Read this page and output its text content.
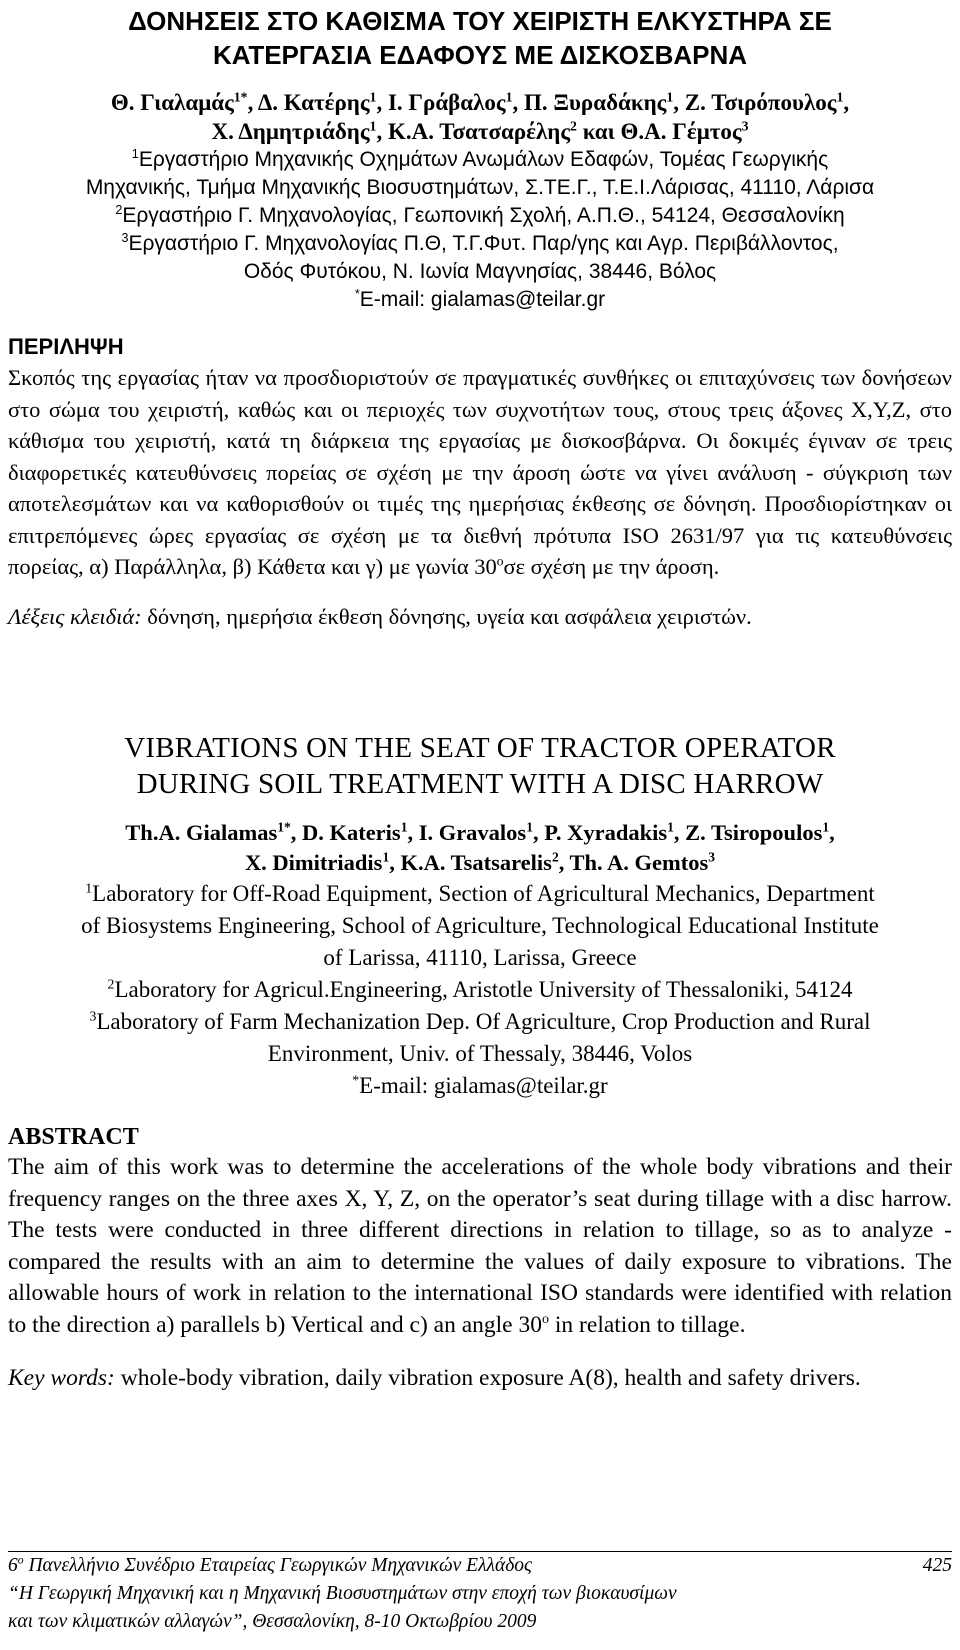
ΔΟΝΗΣΕΙΣ ΣΤΟ ΚΑΘΙΣΜΑ ΤΟΥ ΧΕΙΡΙΣΤΗ ΕΛΚΥΣΤΗΡΑ ΣΕ
ΚΑΤΕΡΓΑΣΙΑ ΕΔΑΦΟΥΣ ΜΕ ΔΙΣΚΟΣΒΑΡΝΑ
Θ. Γιαλαμάς$^{1*}$, Δ. Κατέρης$^1$, Ι. Γράβαλος$^1$, Π. Ξυραδάκης$^1$, Ζ. Τσιρόπουλος$^1$,
Χ. Δημητριάδης$^1$, Κ.Α. Τσατσαρέλης$^2$ και Θ.Α. Γέμτος$^3$
$^1$Εργαστήριο Μηχανικής Οχημάτων Ανωμάλων Εδαφών, Τομέας Γεωργικής
Μηχανικής, Τμήμα Μηχανικής Βιοσυστημάτων, Σ.ΤΕ.Γ., Τ.Ε.Ι.Λάρισας, 41110, Λάρισα
$^2$Εργαστήριο Γ. Μηχανολογίας, Γεωπονική Σχολή, Α.Π.Θ., 54124, Θεσσαλονίκη
$^3$Εργαστήριο Γ. Μηχανολογίας Π.Θ, Τ.Γ.Φυτ. Παρ/γης και Αγρ. Περιβάλλοντος,
Οδός Φυτόκου, Ν. Ιωνία Μαγνησίας, 38446, Βόλος
*E-mail: gialamas@teilar.gr
ΠΕΡΙΛΗΨΗ
Σκοπός της εργασίας ήταν να προσδιοριστούν σε πραγματικές συνθήκες οι επιταχύνσεις των δονήσεων στο σώμα του χειριστή, καθώς και οι περιοχές των συχνοτήτων τους, στους τρεις άξονες X,Y,Z, στο κάθισμα του χειριστή, κατά τη διάρκεια της εργασίας με δισκοσβάρνα. Οι δοκιμές έγιναν σε τρεις διαφορετικές κατευθύνσεις πορείας σε σχέση με την άροση ώστε να γίνει ανάλυση - σύγκριση των αποτελεσμάτων και να καθορισθούν οι τιμές της ημερήσιας έκθεσης σε δόνηση. Προσδιορίστηκαν οι επιτρεπόμενες ώρες εργασίας σε σχέση με τα διεθνή πρότυπα ISO 2631/97 για τις κατευθύνσεις πορείας, α) Παράλληλα, β) Κάθετα και γ) με γωνία $30^o\sigma\varepsilon$ σχέση με την άροση.
Λέξεις κλειδιά: δόνηση, ημερήσια έκθεση δόνησης, υγεία και ασφάλεια χειριστών.
VIBRATIONS ON THE SEAT OF TRACTOR OPERATOR
DURING SOIL TREATMENT WITH A DISC HARROW
Th.A. Gialamas$^{1*}$, D. Kateris$^1$, I. Gravalos$^1$, P. Xyradakis$^1$, Z. Tsiropoulos$^1$,
X. Dimitriadis$^1$, K.A. Tsatsarelis$^2$, Th. A. Gemtos$^3$
$^1$Laboratory for Off-Road Equipment, Section of Agricultural Mechanics, Department
of Biosystems Engineering, School of Agriculture, Technological Educational Institute
of Larissa, 41110, Larissa, Greece
$^2$Laboratory for Agricul.Engineering, Aristotle University of Thessaloniki, 54124
$^3$Laboratory of Farm Mechanization Dep. Of Agriculture, Crop Production and Rural
Environment, Univ. of Thessaly, 38446, Volos
*E-mail: gialamas@teilar.gr
ABSTRACT
The aim of this work was to determine the accelerations of the whole body vibrations and their frequency ranges on the three axes X, Y, Z, on the operator’s seat during tillage with a disc harrow. The tests were conducted in three different directions in relation to tillage, so as to analyze - compared the results with an aim to determine the values of daily exposure to vibrations. The allowable hours of work in relation to the international ISO standards were identified with relation to the direction a) parallels b) Vertical and c) an angle 30$^o$ in relation to tillage.
Key words: whole-body vibration, daily vibration exposure A(8), health and safety drivers.
$6^o$ Πανελλήνιο Συνέδριο Εταιρείας Γεωργικών Μηχανικών Ελλάδος	425
“Η Γεωργική Μηχανική και η Μηχανική Βιοσυστημάτων στην εποχή των βιοκαυσίμων
και των κλιματικών αλλαγών”, Θεσσαλονίκη, 8-10 Οκτωβρίου 2009
